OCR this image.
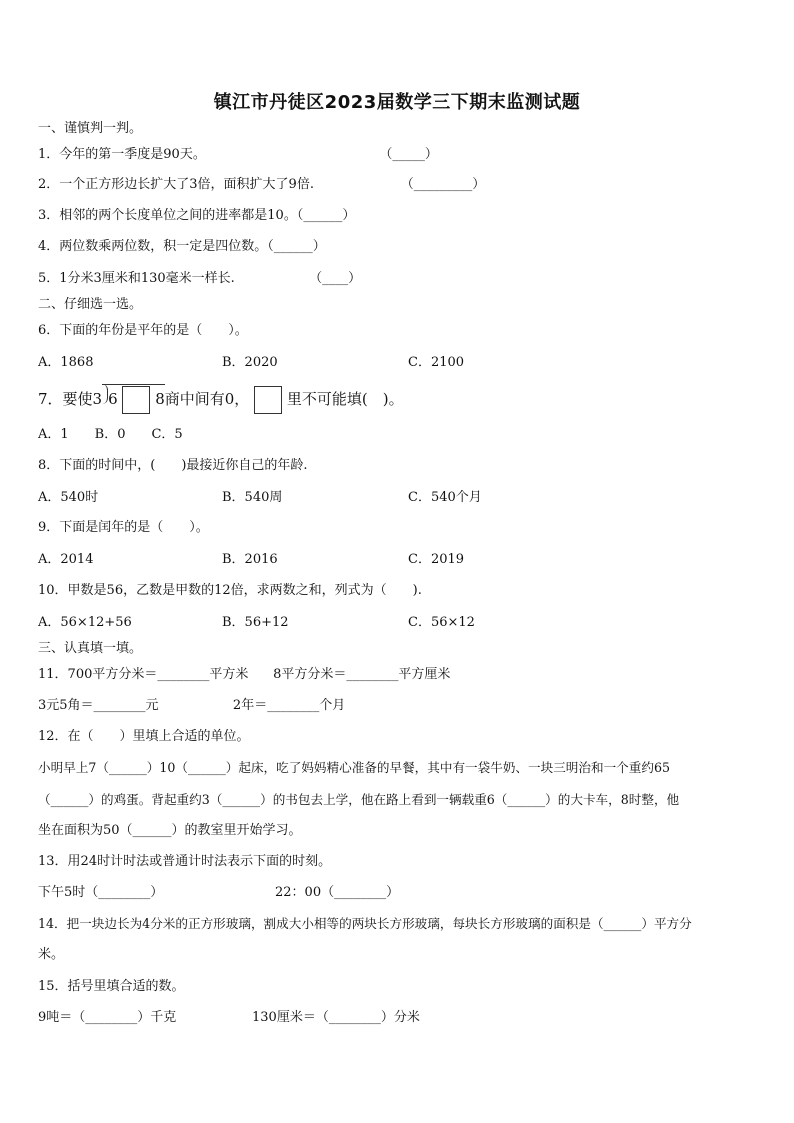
镇江市丹徒区2023届数学三下期末监测试题
一、谨慎判一判。
1．今年的第一季度是90天。                                          （_____）
2．一个正方形边长扩大了3倍，面积扩大了9倍.                     （_________）
3．相邻的两个长度单位之间的进率都是10。（______）
4．两位数乘两位数，积一定是四位数。（______）
5．1分米3厘米和130毫米一样长.                  （____）
二、仔细选一选。
6．下面的年份是平年的是（　　）。
A．1868	B．2020	C．2100
7．要使3 6	8商中间有0，	里不可能填(　)。
A．1　　B．0　　C．5
8．下面的时间中，(　　)最接近你自己的年龄.
A．540时	B．540周	C．540个月
9．下面是闰年的是（　　）。
A．2014	B．2016	C．2019
10．甲数是56，乙数是甲数的12倍，求两数之和，列式为（　　).
A．56×12+56	B．56+12	C．56×12
三、认真填一填。
11．700平方分米＝________平方米      8平方分米＝________平方厘米
3元5角＝________元                  2年＝________个月
12．在（　　）里填上合适的单位。
小明早上7（______）10（______）起床，吃了妈妈精心准备的早餐，其中有一袋牛奶、一块三明治和一个重约65
（______）的鸡蛋。背起重约3（______）的书包去上学，他在路上看到一辆载重6（______）的大卡车，8时整，他
坐在面积为50（______）的教室里开始学习。
13．用24时计时法或普通计时法表示下面的时刻。
下午5时（________）	22：00（________）
14．把一块边长为4分米的正方形玻璃，割成大小相等的两块长方形玻璃，每块长方形玻璃的面积是（______）平方分
米。
15．括号里填合适的数。
9吨＝（________）千克	130厘米＝（________）分米
